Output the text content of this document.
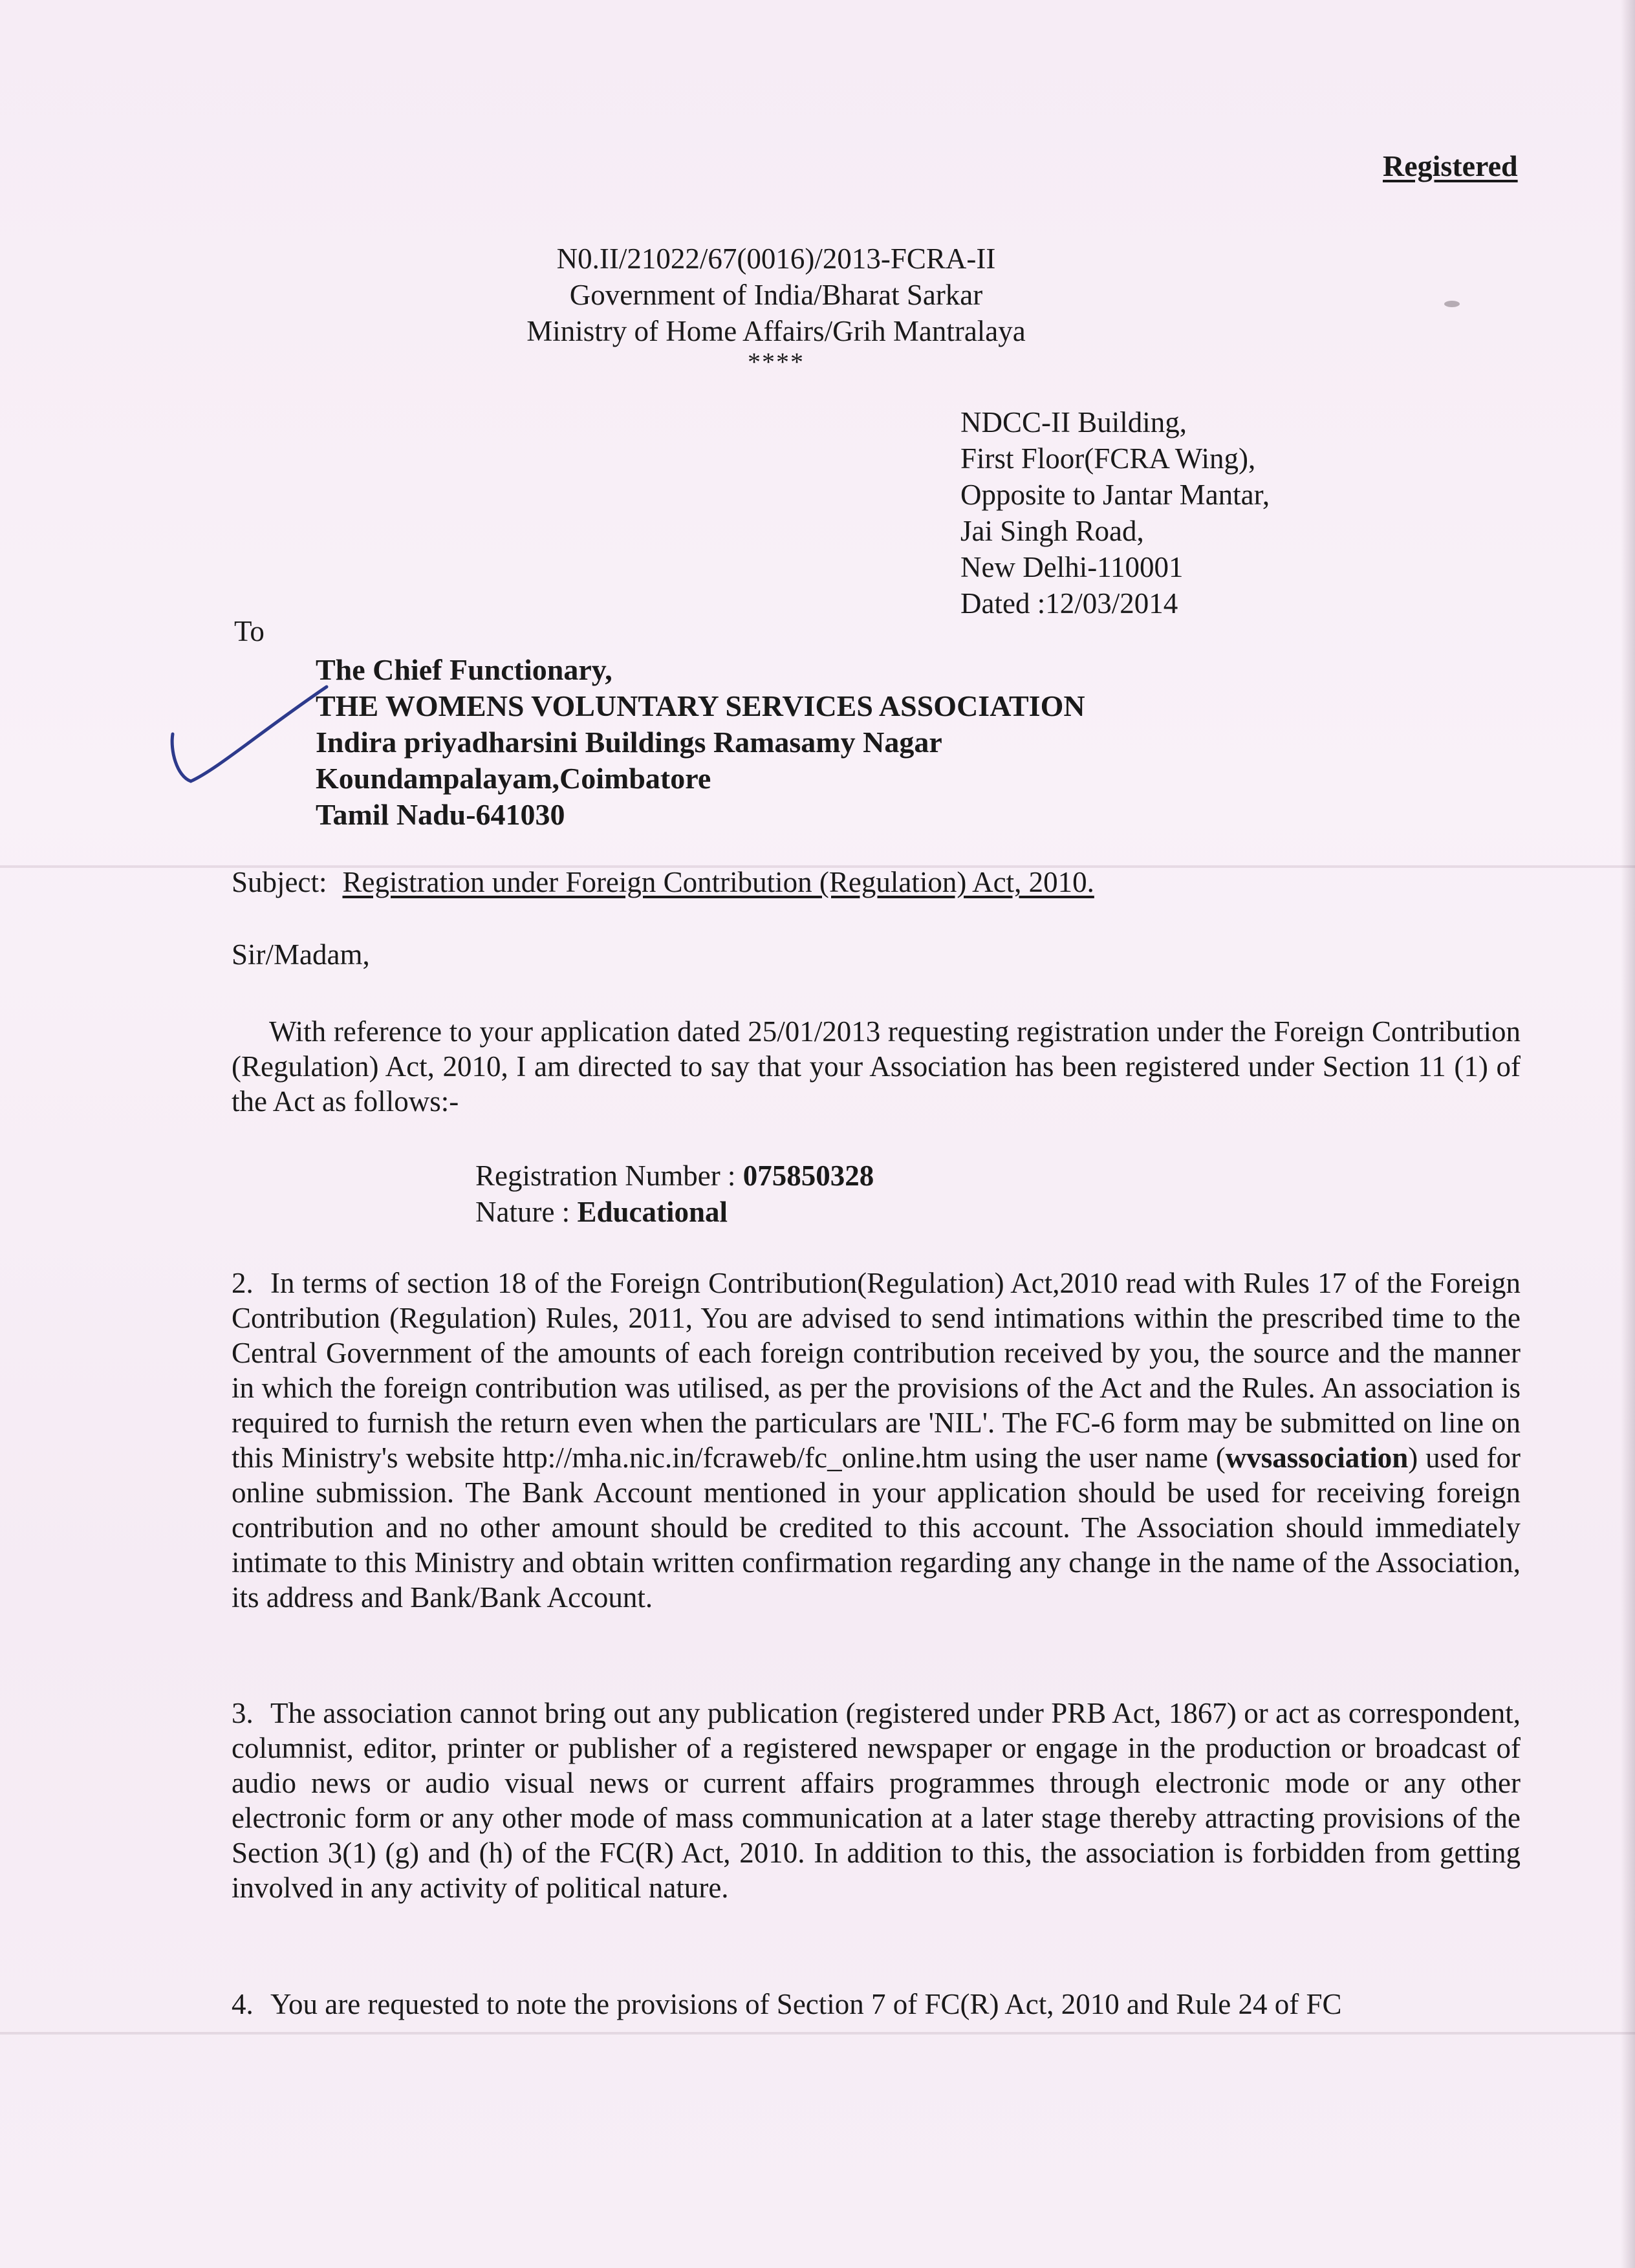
Registered
N0.II/21022/67(0016)/2013-FCRA-II
Government of India/Bharat Sarkar
Ministry of Home Affairs/Grih Mantralaya
****
NDCC-II Building,
First Floor(FCRA Wing),
Opposite to Jantar Mantar,
Jai Singh Road,
New Delhi-110001
Dated :12/03/2014
To
The Chief Functionary,
THE WOMENS VOLUNTARY SERVICES ASSOCIATION
Indira priyadharsini Buildings Ramasamy Nagar
Koundampalayam,Coimbatore
Tamil Nadu-641030
Subject: Registration under Foreign Contribution (Regulation) Act, 2010.
Sir/Madam,

With reference to your application dated 25/01/2013 requesting registration under the Foreign Contribution (Regulation) Act, 2010, I am directed to say that your Association has been registered under Section 11 (1) of the Act as follows:-

Registration Number : 075850328
Nature : Educational

2. In terms of section 18 of the Foreign Contribution(Regulation) Act,2010 read with Rules 17 of the Foreign Contribution (Regulation) Rules, 2011, You are advised to send intimations within the prescribed time to the Central Government of the amounts of each foreign contribution received by you, the source and the manner in which the foreign contribution was utilised, as per the provisions of the Act and the Rules. An association is required to furnish the return even when the particulars are 'NIL'. The FC-6 form may be submitted on line on this Ministry's website http://mha.nic.in/fcraweb/fc_online.htm using the user name (wvsassociation) used for online submission. The Bank Account mentioned in your application should be used for receiving foreign contribution and no other amount should be credited to this account. The Association should immediately intimate to this Ministry and obtain written confirmation regarding any change in the name of the Association, its address and Bank/Bank Account.

3. The association cannot bring out any publication (registered under PRB Act, 1867) or act as correspondent, columnist, editor, printer or publisher of a registered newspaper or engage in the production or broadcast of audio news or audio visual news or current affairs programmes through electronic mode or any other electronic form or any other mode of mass communication at a later stage thereby attracting provisions of the Section 3(1) (g) and (h) of the FC(R) Act, 2010. In addition to this, the association is forbidden from getting involved in any activity of political nature.

4. You are requested to note the provisions of Section 7 of FC(R) Act, 2010 and Rule 24 of FC
